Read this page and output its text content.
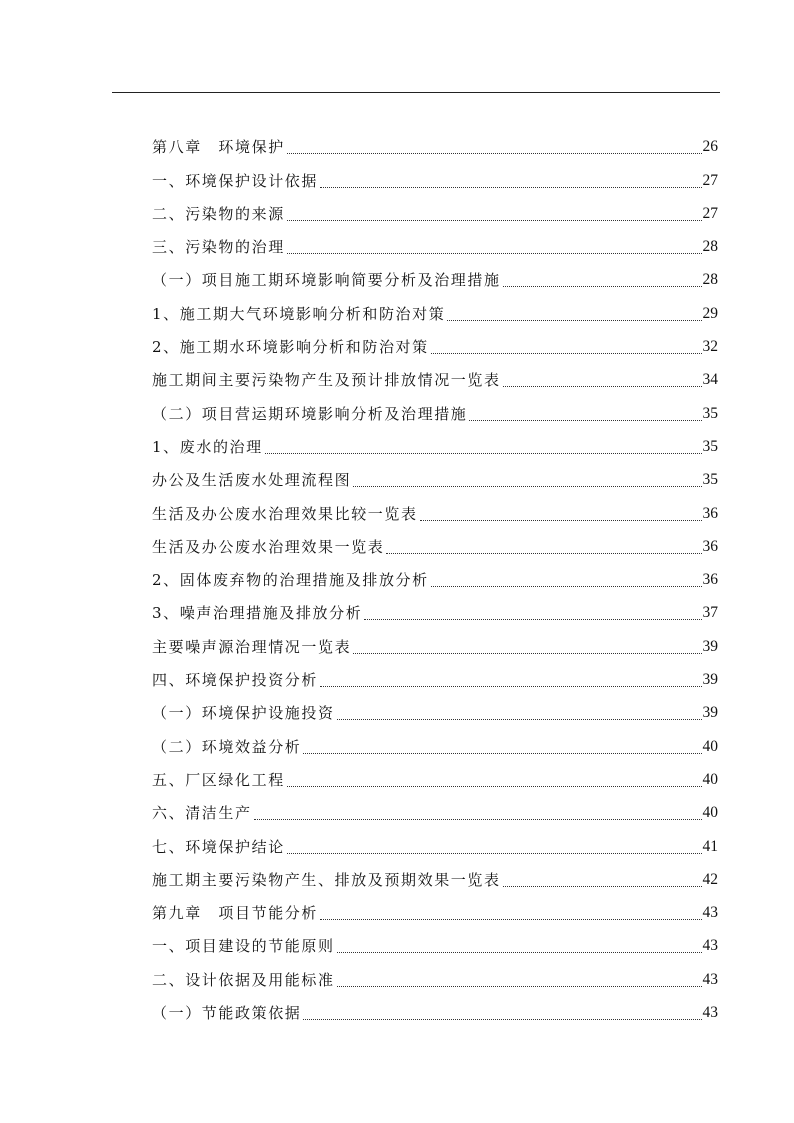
第八章　环境保护	26
一、环境保护设计依据	27
二、污染物的来源	27
三、污染物的治理	28
（一）项目施工期环境影响简要分析及治理措施	28
1、施工期大气环境影响分析和防治对策	29
2、施工期水环境影响分析和防治对策	32
施工期间主要污染物产生及预计排放情况一览表	34
（二）项目营运期环境影响分析及治理措施	35
1、废水的治理	35
办公及生活废水处理流程图	35
生活及办公废水治理效果比较一览表	36
生活及办公废水治理效果一览表	36
2、固体废弃物的治理措施及排放分析	36
3、噪声治理措施及排放分析	37
主要噪声源治理情况一览表	39
四、环境保护投资分析	39
（一）环境保护设施投资	39
（二）环境效益分析	40
五、厂区绿化工程	40
六、清洁生产	40
七、环境保护结论	41
施工期主要污染物产生、排放及预期效果一览表	42
第九章　项目节能分析	43
一、项目建设的节能原则	43
二、设计依据及用能标准	43
（一）节能政策依据	43
